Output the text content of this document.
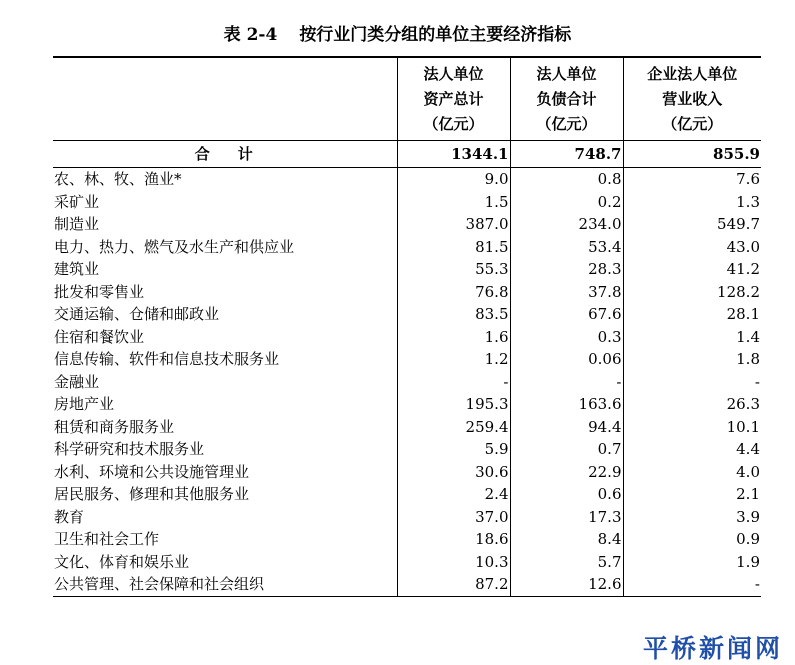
表 2-4 按行业门类分组的单位主要经济指标

	法人单位
资产总计
（亿元）	法人单位
负债合计
（亿元）	企业法人单位
营业收入
（亿元）

合计	1344.1	748.7	855.9
农、林、牧、渔业*	9.0	0.8	7.6
采矿业	1.5	0.2	1.3
制造业	387.0	234.0	549.7
电力、热力、燃气及水生产和供应业	81.5	53.4	43.0
建筑业	55.3	28.3	41.2
批发和零售业	76.8	37.8	128.2
交通运输、仓储和邮政业	83.5	67.6	28.1
住宿和餐饮业	1.6	0.3	1.4
信息传输、软件和信息技术服务业	1.2	0.06	1.8
金融业	-	-	-
房地产业	195.3	163.6	26.3
租赁和商务服务业	259.4	94.4	10.1
科学研究和技术服务业	5.9	0.7	4.4
水利、环境和公共设施管理业	30.6	22.9	4.0
居民服务、修理和其他服务业	2.4	0.6	2.1
教育	37.0	17.3	3.9
卫生和社会工作	18.6	8.4	0.9
文化、体育和娱乐业	10.3	5.7	1.9
公共管理、社会保障和社会组织	87.2	12.6	-
平桥新闻网
